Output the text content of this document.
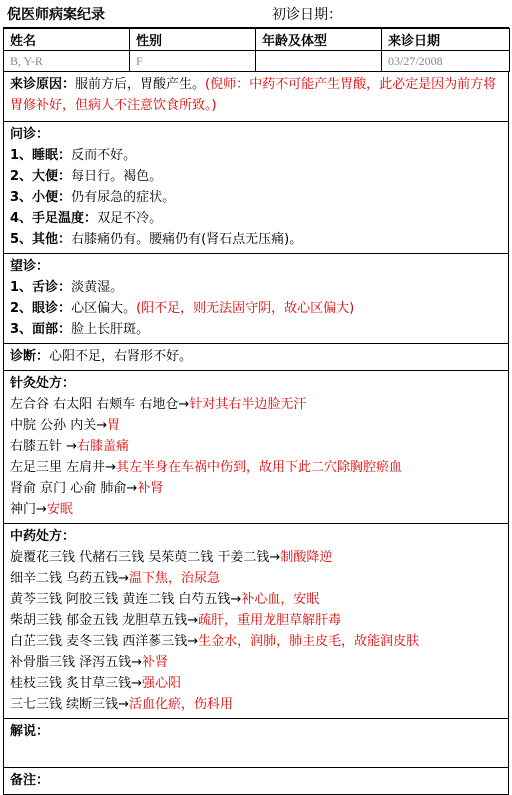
倪医师病案纪录	初诊日期：
姓名	性别	年龄及体型	来诊日期
B, Y-R	F		03/27/2008
来诊原因：服前方后，胃酸产生。(倪师：中药不可能产生胃酸，此必定是因为前方将胃修补好，但病人不注意饮食所致。)
问诊：
1、睡眠：反而不好。
2、大便：每日行。褐色。
3、小便：仍有尿急的症状。
4、手足温度：双足不冷。
5、其他：右膝痛仍有。腰痛仍有(肾石点无压痛)。
望诊：
1、舌诊：淡黄湿。
2、眼诊：心区偏大。(阳不足，则无法固守阴，故心区偏大)
3、面部：脸上长肝斑。
诊断：心阳不足，右肾形不好。
针灸处方：
左合谷 右太阳 右颊车 右地仓→针对其右半边脸无汗
中脘 公孙 内关→胃
右膝五针 →右膝盖痛
左足三里 左肩井→其左半身在车祸中伤到，故用下此二穴除胸腔瘀血
肾俞 京门 心俞 肺俞→补肾
神门→安眠
中药处方：
旋覆花三钱 代赭石三钱 吴茱萸二钱 干姜二钱→制酸降逆
细辛二钱 乌药五钱→温下焦，治尿急
黄芩三钱 阿胶三钱 黄连二钱 白芍五钱→补心血，安眠
柴胡三钱 郁金五钱 龙胆草五钱→疏肝，重用龙胆草解肝毒
白芷三钱 麦冬三钱 西洋蔘三钱→生金水，润肺，肺主皮毛，故能润皮肤
补骨脂三钱 泽泻五钱→补肾
桂枝三钱 炙甘草三钱→强心阳
三七三钱 续断三钱→活血化瘀，伤科用
解说：
备注：
